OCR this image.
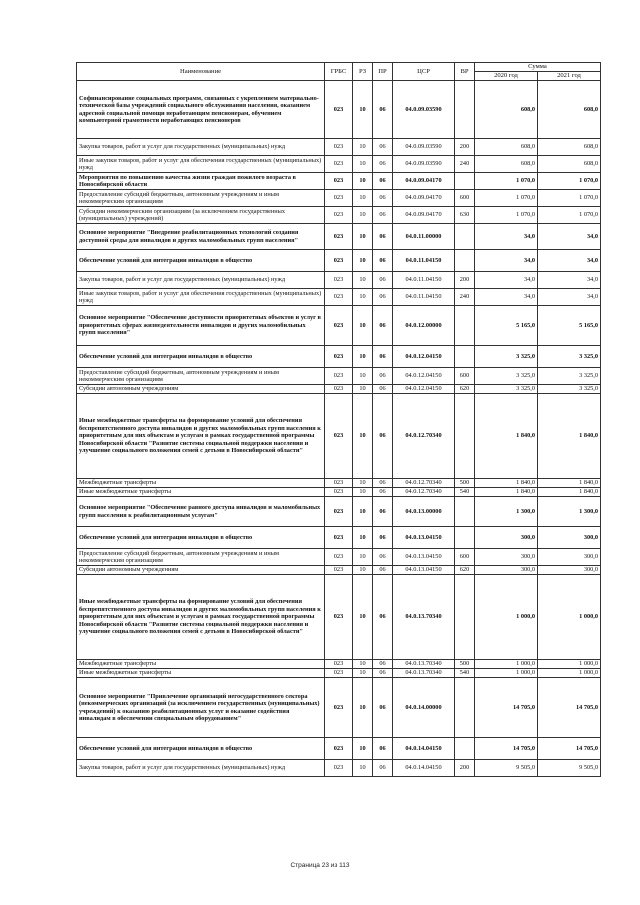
Наименование	ГРБС	РЗ	ПР	ЦСР	ВР	Сумма	
						2020 год	2021 год
Софинансирование социальных программ, связанных с укреплением материально-технической базы учреждений социального обслуживания населения, оказанием адресной социальной помощи неработающим пенсионерам, обучением компьютерной грамотности неработающих пенсионеров	023	10	06	04.0.09.03590		608,0	608,0
Закупка товаров, работ и услуг для государственных (муниципальных) нужд	023	10	06	04.0.09.03590	200	608,0	608,0
Иные закупки товаров, работ и услуг для обеспечения государственных (муниципальных) нужд	023	10	06	04.0.09.03590	240	608,0	608,0
Мероприятия по повышению качества жизни граждан пожилого возраста в Новосибирской области	023	10	06	04.0.09.04170		1 070,0	1 070,0
Предоставление субсидий бюджетным, автономным учреждениям и иным некоммерческим организациям	023	10	06	04.0.09.04170	600	1 070,0	1 070,0
Субсидии некоммерческим организациям (за исключением государственных (муниципальных) учреждений)	023	10	06	04.0.09.04170	630	1 070,0	1 070,0
Основное мероприятие "Внедрение реабилитационных технологий создания доступной среды для инвалидов и других маломобильных групп населения"	023	10	06	04.0.11.00000		34,0	34,0
Обеспечение условий для интеграции инвалидов в общество	023	10	06	04.0.11.04150		34,0	34,0
Закупка товаров, работ и услуг для государственных (муниципальных) нужд	023	10	06	04.0.11.04150	200	34,0	34,0
Иные закупки товаров, работ и услуг для обеспечения государственных (муниципальных) нужд	023	10	06	04.0.11.04150	240	34,0	34,0
Основное мероприятие "Обеспечение доступности приоритетных объектов и услуг в приоритетных сферах жизнедеятельности инвалидов и других маломобильных групп населения"	023	10	06	04.0.12.00000		5 165,0	5 165,0
Обеспечение условий для интеграции инвалидов в общество	023	10	06	04.0.12.04150		3 325,0	3 325,0
Предоставление субсидий бюджетным, автономным учреждениям и иным некоммерческим организациям	023	10	06	04.0.12.04150	600	3 325,0	3 325,0
Субсидии автономным учреждениям	023	10	06	04.0.12.04150	620	3 325,0	3 325,0
Иные межбюджетные трансферты на формирование условий для обеспечения беспрепятственного доступа инвалидов и других маломобильных групп населения к приоритетным для них объектам и услугам в рамках государственной программы Новосибирской области "Развитие системы социальной поддержки населения и улучшение социального положения семей с детьми в Новосибирской области"	023	10	06	04.0.12.70340		1 840,0	1 840,0
Межбюджетные трансферты	023	10	06	04.0.12.70340	500	1 840,0	1 840,0
Иные межбюджетные трансферты	023	10	06	04.0.12.70340	540	1 840,0	1 840,0
Основное мероприятие "Обеспечение равного доступа инвалидов и маломобильных групп населения к реабилитационным услугам"	023	10	06	04.0.13.00000		1 300,0	1 300,0
Обеспечение условий для интеграции инвалидов в общество	023	10	06	04.0.13.04150		300,0	300,0
Предоставление субсидий бюджетным, автономным учреждениям и иным некоммерческим организациям	023	10	06	04.0.13.04150	600	300,0	300,0
Субсидии автономным учреждениям	023	10	06	04.0.13.04150	620	300,0	300,0
Иные межбюджетные трансферты на формирование условий для обеспечения беспрепятственного доступа инвалидов и других маломобильных групп населения к приоритетным для них объектам и услугам в рамках государственной программы Новосибирской области "Развитие системы социальной поддержки населения и улучшение социального положения семей с детьми в Новосибирской области"	023	10	06	04.0.13.70340		1 000,0	1 000,0
Межбюджетные трансферты	023	10	06	04.0.13.70340	500	1 000,0	1 000,0
Иные межбюджетные трансферты	023	10	06	04.0.13.70340	540	1 000,0	1 000,0
Основное мероприятие "Привлечение организаций негосударственного сектора (некоммерческих организаций (за исключением государственных (муниципальных) учреждений) к оказанию реабилитационных услуг и оказание содействия инвалидам в обеспечении специальным оборудованием"	023	10	06	04.0.14.00000		14 705,0	14 705,0
Обеспечение условий для интеграции инвалидов в общество	023	10	06	04.0.14.04150		14 705,0	14 705,0
Закупка товаров, работ и услуг для государственных (муниципальных) нужд	023	10	06	04.0.14.04150	200	9 505,0	9 505,0
Страница 23 из 113
